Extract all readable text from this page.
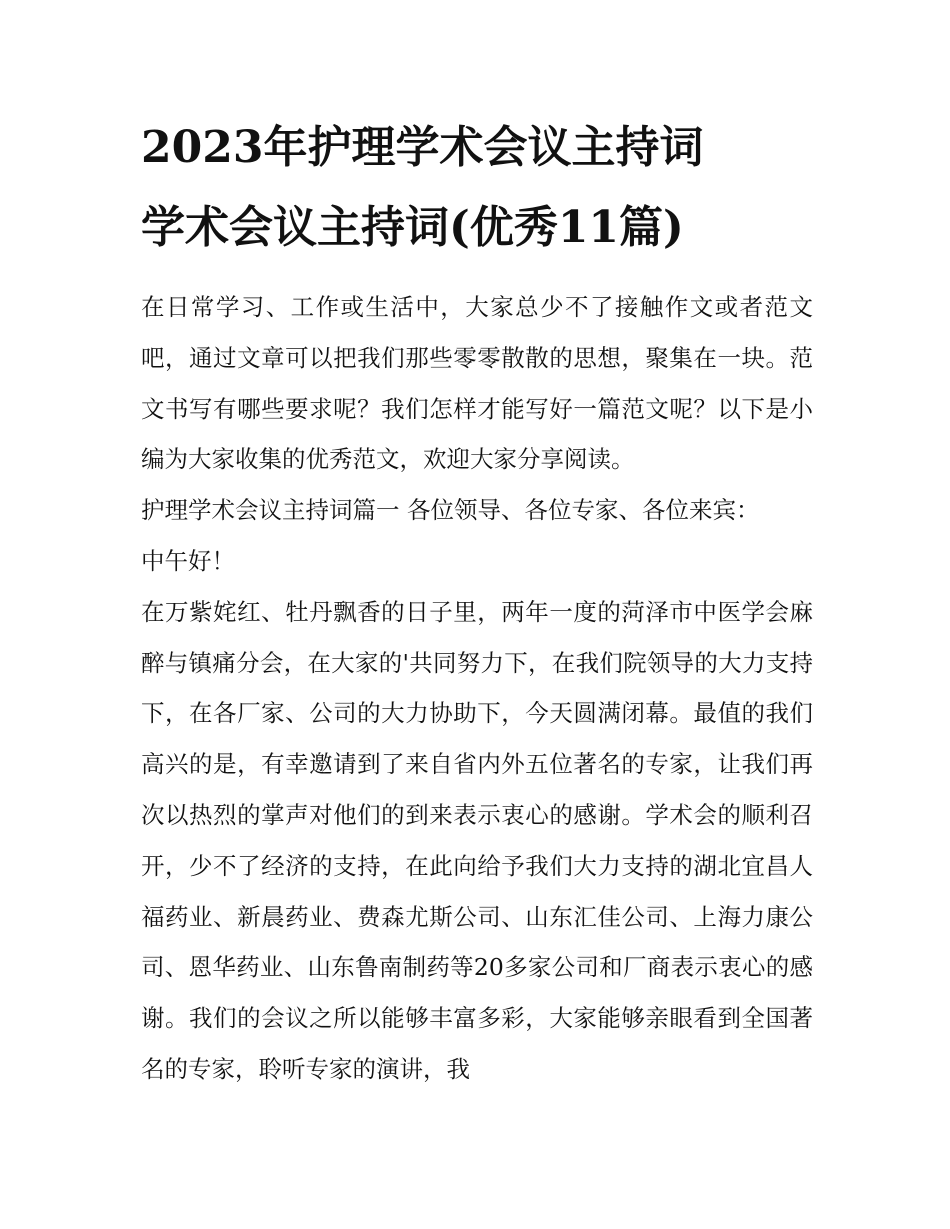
2023年护理学术会议主持词
学术会议主持词(优秀11篇)

在日常学习、工作或生活中，大家总少不了接触作文或者范文吧，通过文章可以把我们那些零零散散的思想，聚集在一块。范文书写有哪些要求呢？我们怎样才能写好一篇范文呢？以下是小编为大家收集的优秀范文，欢迎大家分享阅读。

护理学术会议主持词篇一 各位领导、各位专家、各位来宾：

中午好！

在万紫姹红、牡丹飘香的日子里，两年一度的菏泽市中医学会麻醉与镇痛分会，在大家的'共同努力下，在我们院领导的大力支持下，在各厂家、公司的大力协助下，今天圆满闭幕。最值的我们高兴的是，有幸邀请到了来自省内外五位著名的专家，让我们再次以热烈的掌声对他们的到来表示衷心的感谢。学术会的顺利召开，少不了经济的支持，在此向给予我们大力支持的湖北宜昌人福药业、新晨药业、费森尤斯公司、山东汇佳公司、上海力康公司、恩华药业、山东鲁南制药等20多家公司和厂商表示衷心的感谢。我们的会议之所以能够丰富多彩，大家能够亲眼看到全国著名的专家，聆听专家的演讲，我
